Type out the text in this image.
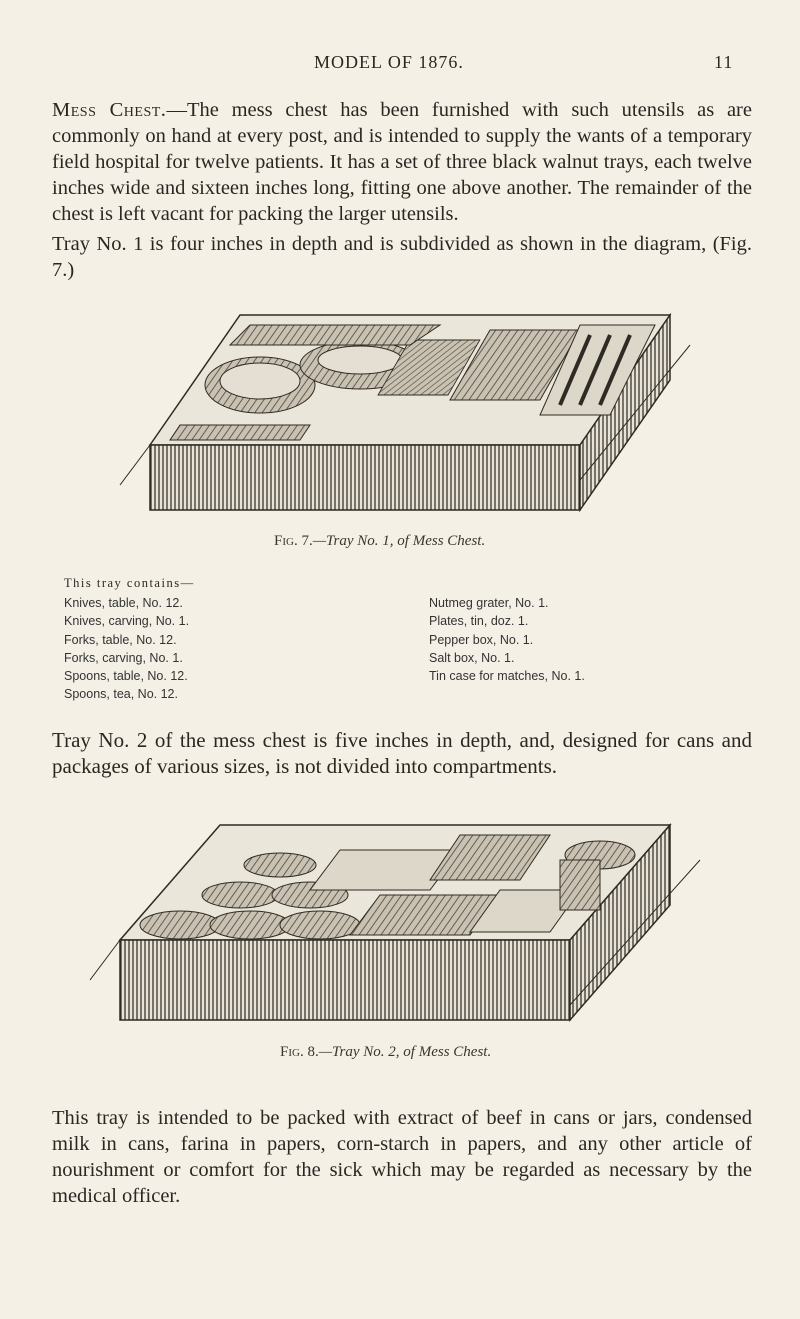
MODEL OF 1876.	11

Mess Chest.—The mess chest has been furnished with such utensils as are commonly on hand at every post, and is intended to supply the wants of a temporary field hospital for twelve patients. It has a set of three black walnut trays, each twelve inches wide and sixteen inches long, fitting one above another. The remainder of the chest is left vacant for packing the larger utensils.

Tray No. 1 is four inches in depth and is subdivided as shown in the diagram, (Fig. 7.)

Fig. 7.—Tray No. 1, of Mess Chest.
This tray contains—
Knives, table, No. 12.
Knives, carving, No. 1.
Forks, table, No. 12.
Forks, carving, No. 1.
Spoons, table, No. 12.
Spoons, tea, No. 12.
Nutmeg grater, No. 1.
Plates, tin, doz. 1.
Pepper box, No. 1.
Salt box, No. 1.
Tin case for matches, No. 1.

Tray No. 2 of the mess chest is five inches in depth, and, designed for cans and packages of various sizes, is not divided into compartments.

Fig. 8.—Tray No. 2, of Mess Chest.

This tray is intended to be packed with extract of beef in cans or jars, condensed milk in cans, farina in papers, corn-starch in papers, and any other article of nourishment or comfort for the sick which may be regarded as necessary by the medical officer.
